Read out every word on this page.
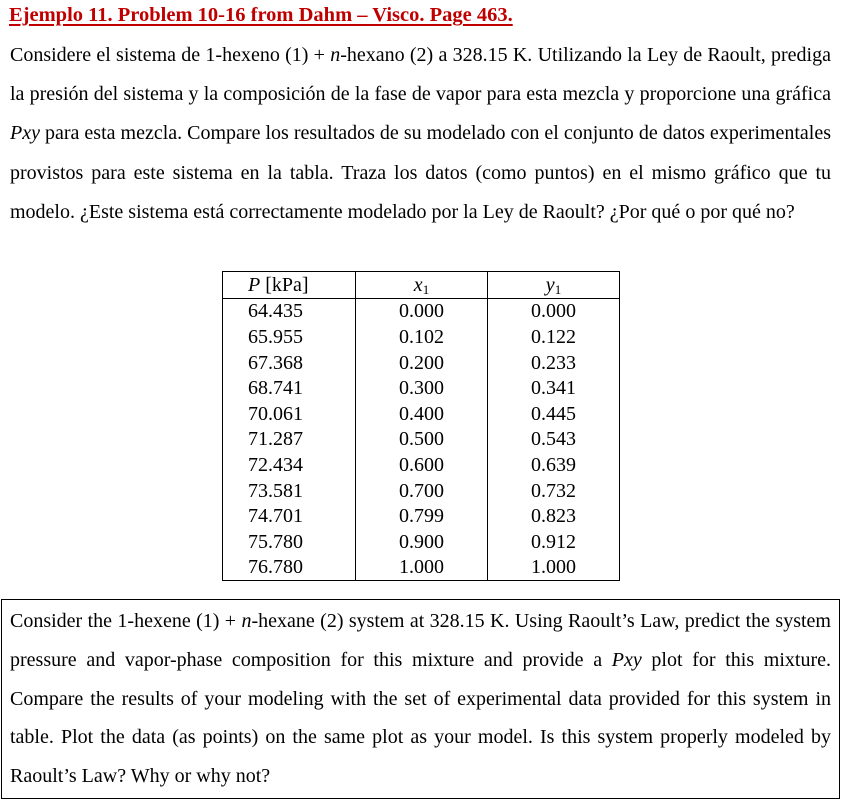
Ejemplo 11. Problem 10-16 from Dahm – Visco. Page 463.
Considere el sistema de 1-hexeno (1) + n-hexano (2) a 328.15 K. Utilizando la Ley de Raoult, prediga la presión del sistema y la composición de la fase de vapor para esta mezcla y proporcione una gráfica Pxy para esta mezcla. Compare los resultados de su modelado con el conjunto de datos experimentales provistos para este sistema en la tabla. Traza los datos (como puntos) en el mismo gráfico que tu modelo. ¿Este sistema está correctamente modelado por la Ley de Raoult? ¿Por qué o por qué no?
P [kPa]	$x_1$	$y_1$
64.435	0.000	0.000
65.955	0.102	0.122
67.368	0.200	0.233
68.741	0.300	0.341
70.061	0.400	0.445
71.287	0.500	0.543
72.434	0.600	0.639
73.581	0.700	0.732
74.701	0.799	0.823
75.780	0.900	0.912
76.780	1.000	1.000
Consider the 1-hexene (1) + n-hexane (2) system at 328.15 K. Using Raoult’s Law, predict the system pressure and vapor-phase composition for this mixture and provide a Pxy plot for this mixture. Compare the results of your modeling with the set of experimental data provided for this system in table. Plot the data (as points) on the same plot as your model. Is this system properly modeled by Raoult’s Law? Why or why not?
